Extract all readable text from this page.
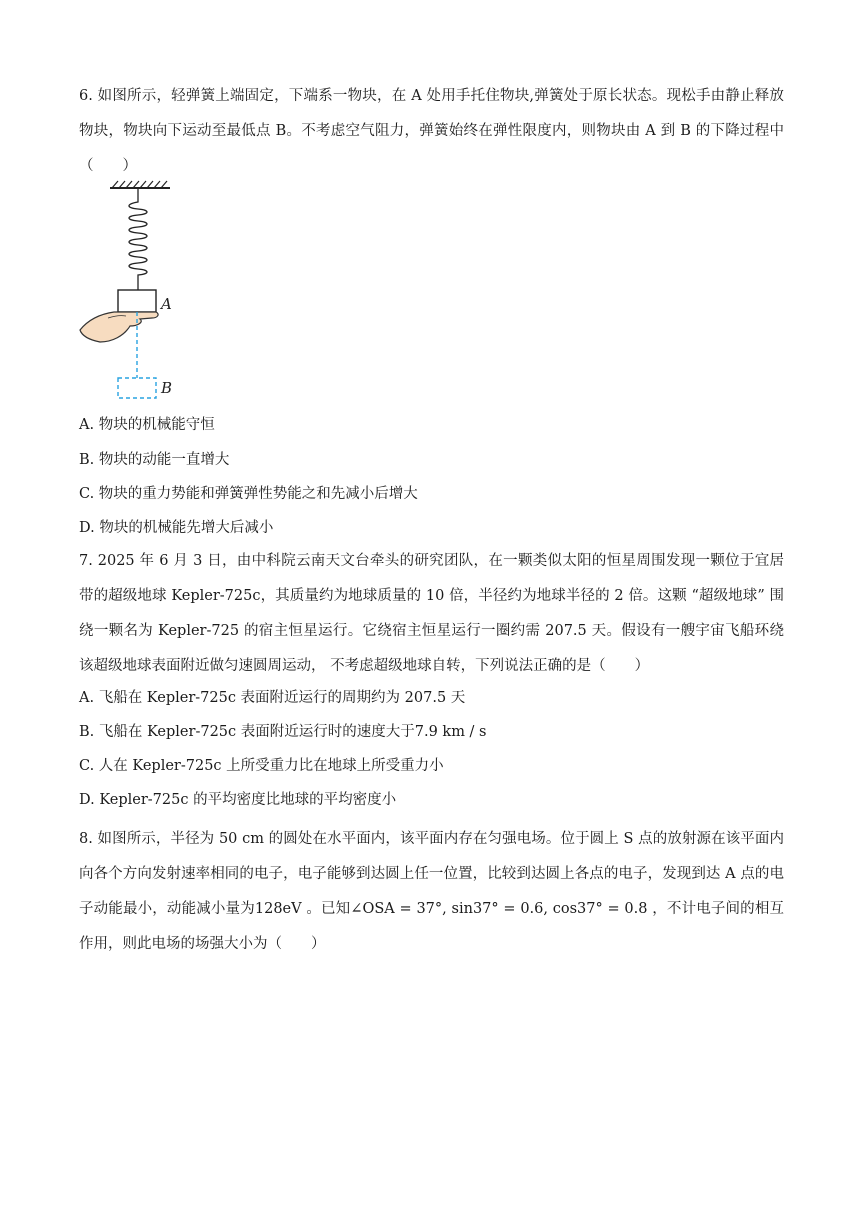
6. 如图所示，轻弹簧上端固定，下端系一物块，在 A 处用手托住物块,弹簧处于原长状态。现松手由静止释放物块，物块向下运动至最低点 B。不考虑空气阻力，弹簧始终在弹性限度内，则物块由 A 到 B 的下降过程中（　　）
A
B
A. 物块的机械能守恒
B. 物块的动能一直增大
C. 物块的重力势能和弹簧弹性势能之和先减小后增大
D. 物块的机械能先增大后减小
7. 2025 年 6 月 3 日，由中科院云南天文台牵头的研究团队，在一颗类似太阳的恒星周围发现一颗位于宜居带的超级地球 Kepler-725c，其质量约为地球质量的 10 倍，半径约为地球半径的 2 倍。这颗 “超级地球” 围绕一颗名为 Kepler-725 的宿主恒星运行。它绕宿主恒星运行一圈约需 207.5 天。假设有一艘宇宙飞船环绕该超级地球表面附近做匀速圆周运动， 不考虑超级地球自转，下列说法正确的是（　　）
A. 飞船在 Kepler-725c 表面附近运行的周期约为 207.5 天
B. 飞船在 Kepler-725c 表面附近运行时的速度大于7.9 km / s
C. 人在 Kepler-725c 上所受重力比在地球上所受重力小
D. Kepler-725c 的平均密度比地球的平均密度小
8. 如图所示，半径为 50 cm 的圆处在水平面内，该平面内存在匀强电场。位于圆上 S 点的放射源在该平面内向各个方向发射速率相同的电子，电子能够到达圆上任一位置，比较到达圆上各点的电子，发现到达 A 点的电子动能最小，动能减小量为128eV 。已知∠OSA = 37°, sin37° = 0.6, cos37° = 0.8 ，不计电子间的相互作用，则此电场的场强大小为（　　）
